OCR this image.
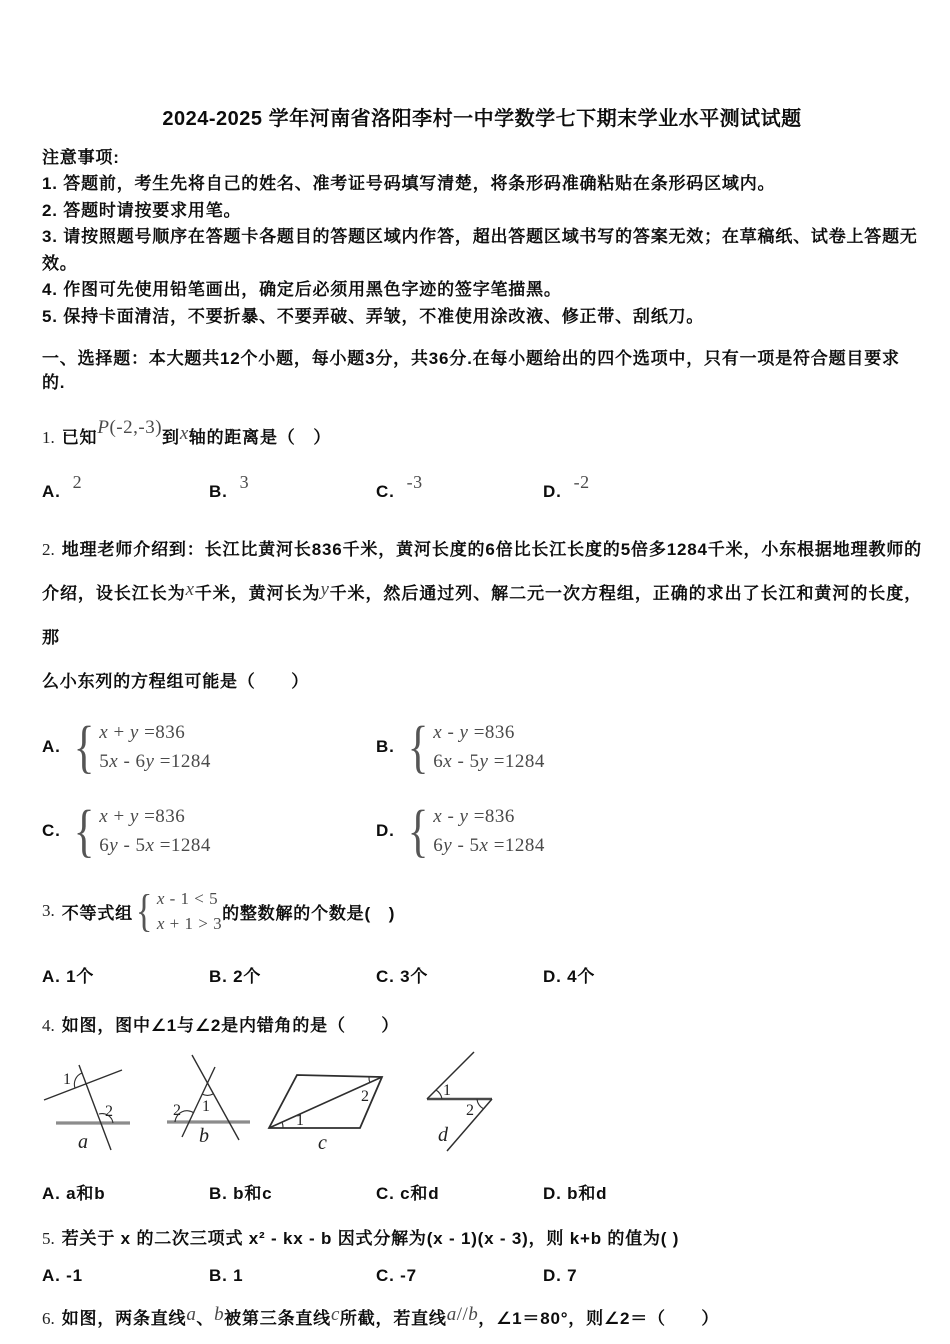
2024-2025 学年河南省洛阳李村一中学数学七下期末学业水平测试试题
注意事项:
1. 答题前，考生先将自己的姓名、准考证号码填写清楚，将条形码准确粘贴在条形码区域内。
2. 答题时请按要求用笔。
3. 请按照题号顺序在答题卡各题目的答题区域内作答，超出答题区域书写的答案无效；在草稿纸、试卷上答题无效。
4. 作图可先使用铅笔画出，确定后必须用黑色字迹的签字笔描黑。
5. 保持卡面清洁，不要折暴、不要弄破、弄皱，不准使用涂改液、修正带、刮纸刀。
一、选择题：本大题共12个小题，每小题3分，共36分.在每小题给出的四个选项中，只有一项是符合题目要求的.
1. 已知P(-2,-3)到x轴的距离是（　）
A. 2	B. 3	C. -3	D. -2
2. 地理老师介绍到：长江比黄河长836千米，黄河长度的6倍比长江长度的5倍多1284千米，小东根据地理教师的
介绍，设长江长为x千米，黄河长为y千米，然后通过列、解二元一次方程组，正确的求出了长江和黄河的长度，那
么小东列的方程组可能是（　　）
A. { x + y =836
5x - 6y =1284
B. { x - y =836
6x - 5y =1284
C. { x + y =836
6y - 5x =1284
D. { x - y =836
6y - 5x =1284
3. 不等式组 { x - 1 < 5
x + 1 > 3
的整数解的个数是(　)
A. 1个	B. 2个	C. 3个	D. 4个
4. 如图，图中∠1与∠2是内错角的是（　　）
1
2
a
1
2
b
1
2
c
1
2
d
A. a和b	B. b和c	C. c和d	D. b和d
5. 若关于 x 的二次三项式 x² - kx - b 因式分解为(x - 1)(x - 3)，则 k+b 的值为( )
A. -1	B. 1	C. -7	D. 7
6. 如图，两条直线a、b被第三条直线c所截，若直线a//b，∠1＝80°，则∠2＝（　　）
